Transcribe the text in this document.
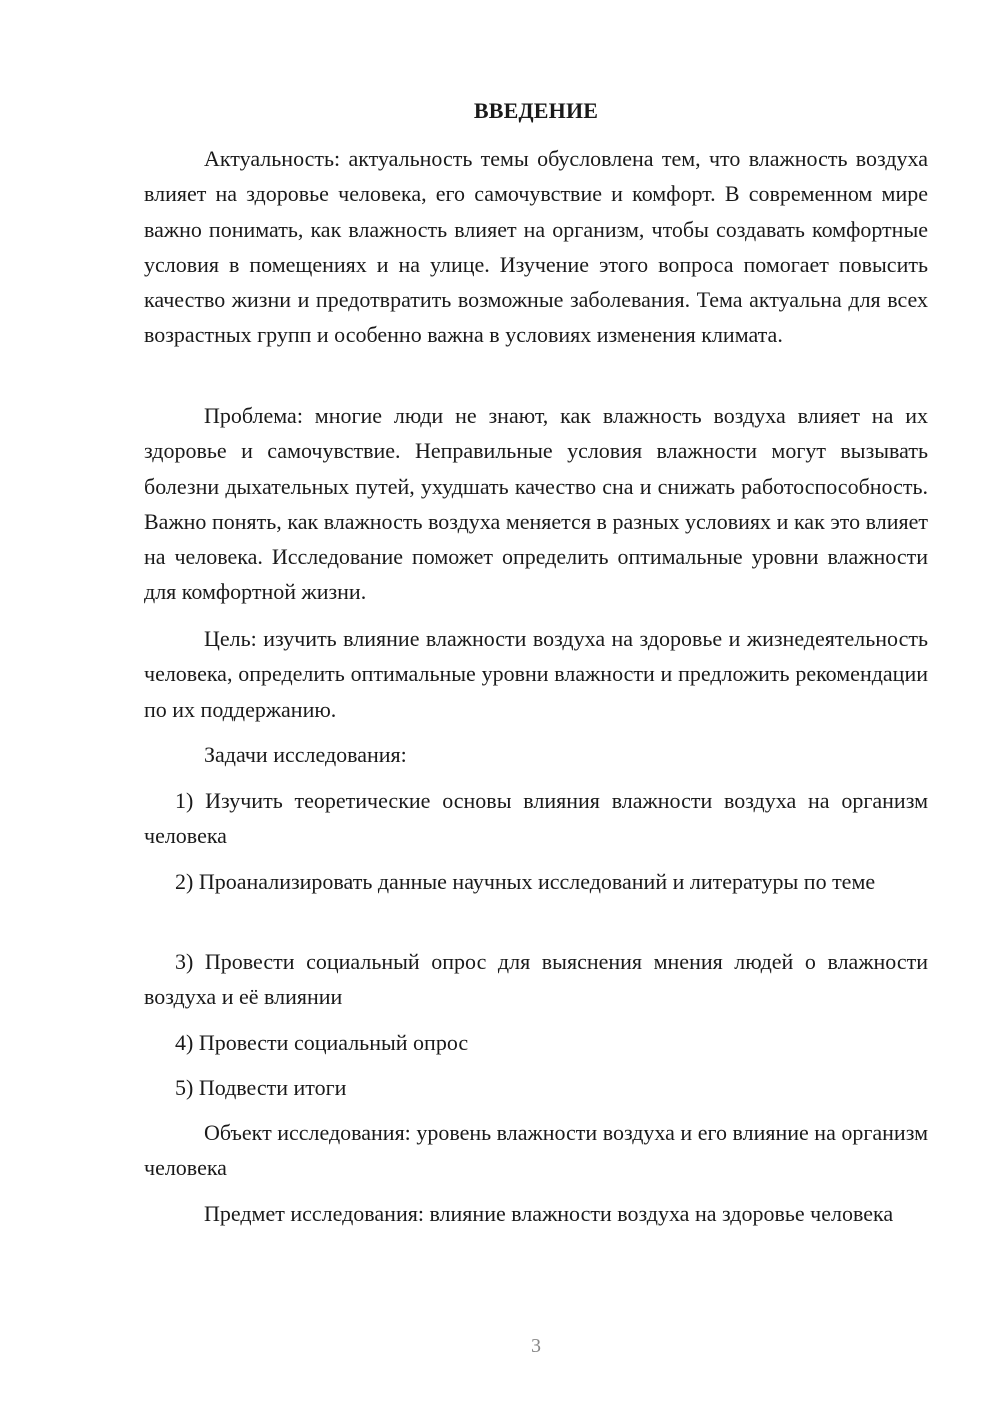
ВВЕДЕНИЕ

Актуальность: актуальность темы обусловлена тем, что влажность воздуха влияет на здоровье человека, его самочувствие и комфорт. В современном мире важно понимать, как влажность влияет на организм, чтобы создавать комфортные условия в помещениях и на улице. Изучение этого вопроса помогает повысить качество жизни и предотвратить возможные заболевания. Тема актуальна для всех возрастных групп и особенно важна в условиях изменения климата.

Проблема: многие люди не знают, как влажность воздуха влияет на их здоровье и самочувствие. Неправильные условия влажности могут вызывать болезни дыхательных путей, ухудшать качество сна и снижать работоспособность. Важно понять, как влажность воздуха меняется в разных условиях и как это влияет на человека. Исследование поможет определить оптимальные уровни влажности для комфортной жизни.

Цель: изучить влияние влажности воздуха на здоровье и жизнедеятельность человека, определить оптимальные уровни влажности и предложить рекомендации по их поддержанию.

Задачи исследования:

1) Изучить теоретические основы влияния влажности воздуха на организм человека

2) Проанализировать данные научных исследований и литературы по теме

3) Провести социальный опрос для выяснения мнения людей о влажности воздуха и её влиянии

4) Провести социальный опрос

5) Подвести итоги

Объект исследования: уровень влажности воздуха и его влияние на организм человека

Предмет исследования: влияние влажности воздуха на здоровье человека

3
